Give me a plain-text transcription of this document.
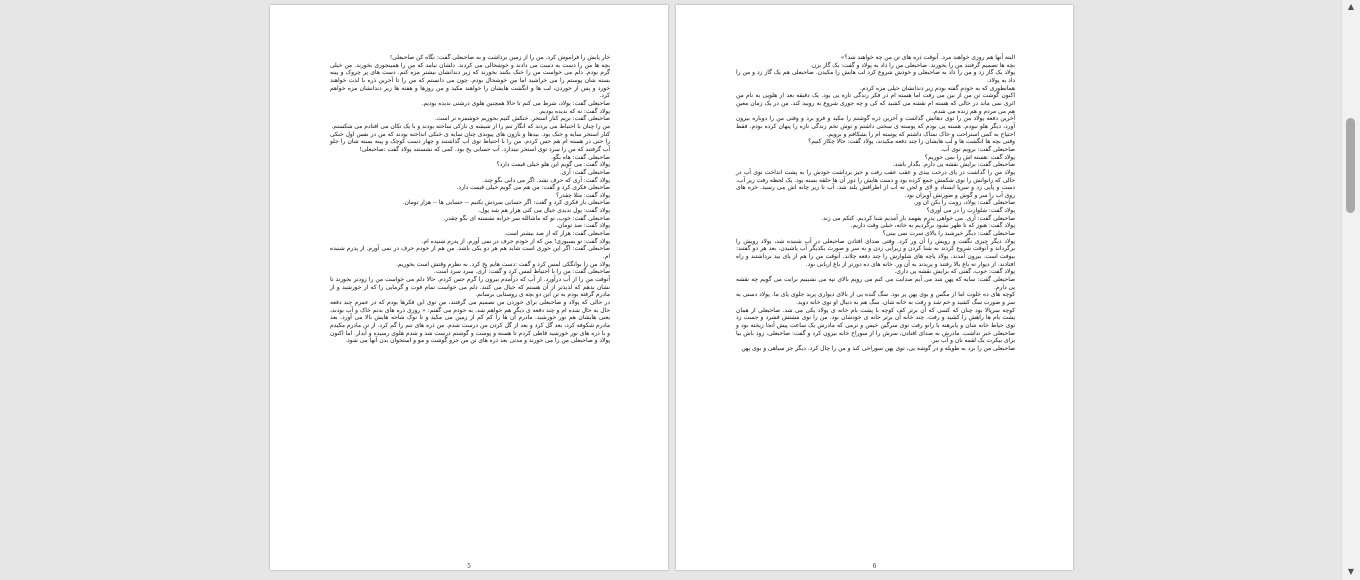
خار پایش را فراموش کرد. من را از زمین برداشت و به صاحبعلی گفت: نگاه کن صاحبعلی!

بچه ها من را دست به دست می دادند و خوشحالی می کردند. دلشان نیامد که من را همینجوری بخورند. من خیلی گرم بودم. دلم می خواست من را خنک بکنند بخورند که زیر دندانشان بیشتر مزه کنم. دست های پر چروک و پینه بسته شان پوستم را می خراشید اما من خوشحال بودم. چون می دانستم که من را تا آخرین ذره با لذت خواهند خورد و پس از خوردن، لب ها و انگشت هایشان را خواهند مکید و من روزها و هفته ها زیر دندانشان مزه خواهم کرد.

صاحبعلی گفت: پولاد، شرط می کنم تا حالا همچنین هلوی درشتی ندیده بودیم.

پولاد گفت: نه که ندیده بودیم.

صاحبعلی گفت: بریم کنار استخر. خنکش کنیم بخوریم خوشمزه تر است.

من را چنان با احتیاط می بردند که انگار تنم را از شیشه ی نازکی ساخته بودند و با یک تکان می افتادم می شکستم.

کنار استخر سایه و خنک بود. بیدها و نارون های پیوندی چنان سایه ی خنکی انداخته بودند که من در نفس اول خنکی را حتی در هسته ام هم حس کردم. من را با احتیاط توی آب گذاشتند و چهار دست کوچک و پینه بسته شان را جلو آب گرفتند که من را سرد توی استخر نیندازد. آب حسابی یخ بود. کمی که نشستند پولاد گفت :صاحبعلی!

صاحبعلی گفت: هاه بگو.

پولاد گفت: می گویم این هلو خیلی قیمت دارد؟

صاحبعلی گفت: آری.

پولاد گفت: آری که حرف نشد. اگر می دانی بگو چند.

صاحبعلی فکری کرد و گفت: من هم می گویم خیلی قیمت دارد.

پولاد گفت: مثلا چقدر؟

صاحبعلی باز فکری کرد و گفت: اگر حسابی سردش بکنیم -- حسابی ها -- هزار تومان.

پولاد گفت: پول ندیدی خیال می کنی هزار هم شد پول.

صاحبعلی گفت: خوب، تو که ماشالله سر خزانه نشسته ای بگو چقدر.

پولاد گفت: صد تومان.

صاحبعلی گفت: هزار که از صد بیشتر است.

پولاد گفت: تو بسبوزی! من که از خودم حرف در نمی آورم. از پدرم شنیده ام.

صاحبعلی گفت: اگر این حوری است شاید هم هر دو یکی باشد. من هم از خودم حرف در نمی آورم. از پدرم شنیده ام.

پولاد من را بوانگکی لمس کرد و گفت :دست هایم یخ کرد. به نظرم وقتش است بخوریم.

صاحبعلی گفت: من را با احتیاط لمس کرد و گفت: آری. سرد سرد است.

آنوقت من را از آب درآورد. از آب که درآمدم بیرون را گرم حس کردم. حالا دلم می خواست من را زودتر بخورند تا نشان بدهم که لذیذتر از آن هستم که خیال می کنند. دلم می خواست تمام قوت و گرمایی را که از خورشید و از مادرم گرفته بودم به تن این دو بچه ی روستایی برسانم.

در حالی که پولاد و صاحبعلی برای خوردن من تصمیم می گرفتند، من توی این فکرها بودم که در عمرم چند دفعه حال به حال شده ام و چند دفعه ی دیگر هم خواهم شد. به خودم می گفتم: « روزی ذره های بدنم خاک و آب بودند، یعنی هایشان هم نور خورشید. مادرم آن ها را کم کم از زمین می مکید و تا نوک شاخه هایش بالا می آورد. بعد مادرم شکوفه کرد، بعد گل کرد و بعد از گل کردن من درست شدم. من ذره های تنم را گم کرد. از تن مادرم مکیدم و با ذره های نور خورشید قاطی کردم تا هسته و پوست و گوشتم درست شد و شدم هلوی رسیده و آبدار. اما اکنون پولاد و صاحبعلی من را می خورند و مدتی بعد ذره های تن من جزو گوشت و مو و استخوان بدن آنها می شود.

5

البته آنها هم روزی خواهند مرد. آنوقت ذره های تن من چه خواهند شد؟»

بچه ها تصمیم گرفتند من را بخورند. صاحبعلی من را داد به پولاد و گفت: یک گاز بزن.

پولاد یک گاز زد و من را داد به صاحبعلی و خودش شروع کرد لب هایش را مکیدن. صاحبعلی هم یک گاز زد و من را داد به پولاد.

همانطوری که به خودم گفته بودم زیر دندانشان خیلی مزه کردم.

اکنون گوشت تن من از بین می رفت اما هسته ام در فکر زندگی تازه یی بود. یک دقیقه بعد از هلویی به نام من اثری نمی ماند در حالی که هسته ام نقشه می کشید که کی و چه جوری شروع به رویید کند. من در یک زمان معین هم می مردم و هم زنده می شدم.

آخرین دفعه پولاد من را توی دهانش گذاشت و آخرین ذره گوشتم را مکید و قرو برد و وقتی من را دوباره بیرون آورد، دیگر هلو نبودم. هسته یی بودم که پوسته ی سختی داشتم و توش تخم زندگی تازه را پنهان کرده بودم. فقط احتیاج به کمی استراحت و خاک نمناک داشتم که پوسته ام را بشکافم و برویم.

وقتی بچه ها انگشت ها و لب هایشان را چند دفعه مکیدند، پولاد گفت: حالا چکار کنیم؟

صاحبعلی گفت: برویم توی آب.

پولاد گفت :هسته اش را نمی خوریم؟

صاحبعلی گفت: برایش نقشه یی دارم. بگذار باشد.

پولاد من را گذاشت در پای درخت بیدی و عقب عقب رفت و خیز برداشت خودش را به پشت انداخت توی آب در حالی که زانوانش را توی شکمش جمع کرده بود و دست هایش را دور آن ها حلقه بسته بود. یک لحظه رفت زیر آب، دست و پایی زد و سرپا ایستاد و لای و لجن ته آب از اطرافش بلند شد. آب تا زیر چانه اش می رسید. خزه های روی آب را سر و گوش و صورتش آویزان بود.

صاحبعلی گفت: پولاد، رویت را بکن آن ور.

پولاد گفت: شلوارت را در می آوری؟

صاحبعلی گفت: آری. می خواهی پدرم بفهمد باز آمدیم شنا کردیم. کتکم می زند.

پولاد گفت: هنوز که تا ظهر نشود برگردیم به خانه، خیلی وقت داریم.

صاحبعلی گفت: دیگر خیرشید را بالای سرت نمی بینی؟

پولاد دیگر چیزی نگفت و رویش را آن ور کرد. وقتی صدای افتادن صاحبعلی در آب شنیده شد، پولاد رویش را برگرداند و آنوقت شروع کردند به شنا کردن و زیرآبی زدن و به سر و صورت یکدیگر آب پاشیدن. بعد هر دو گفتند: بیوفت است. بیرون آمدند. پولاد پاچه های شلوارش را چند دفعه چلاند. آنوقت من را هم از پای بید برداشتند و راه افتادند. از دیوار ته باغ بالا رفتند و پریدند به آن ور. خانه های ده دورتر از باغ اربابی بود.

پولاد گفت: خوب، گفتی که برایش نقشه یی داری.

صاحبعلی گفت: سایه که پهن شد می آیم صدایت می کنم می رویم بالای تپه می نشینیم برایت می گویم چه نقشه یی دارم.

کوچه های ده خلوت اما از مگس و بوی پهن پر بود. سگ گنده یی از بالای دیواری پرید جلوی پای ما. پولاد دستی به سر و صورت سگ کشید و خم شد و رفت به خانه شان. سگ هم به دنبال او توی خانه دوید.

کوچه سرپالا بود چنان که کسی که آن برتر کف کوچه با پشت بام خانه ی پولاد یکی می شد. صاحبعلی از همان پشت بام ها راهش را کشید و رفت. چند خانه آن برتر خانه ی خودشان بود. من را توی مشتش فشرد و جست زد توی حیاط خانه شان و پابرهنه با رانو رفت توی سرگین خیس و نرمی که مادرش یک ساعت پیش آنجا ریخته بود و صاحبعلی خبر نداشت. مادرش به صدای افتادن، سرش را از سوراخ خانه بیرون کرد و گفت: صاحبعلی، زود باش بیا برای بیکرت یک لقمه نان و آب ببر.

صاحبعلی من را برد به طویله و در گوشه یی، توی پهن سوراخی کند و من را چال کرد. دیگر جز سیاهی و بوی پهن

6
▲
▼
